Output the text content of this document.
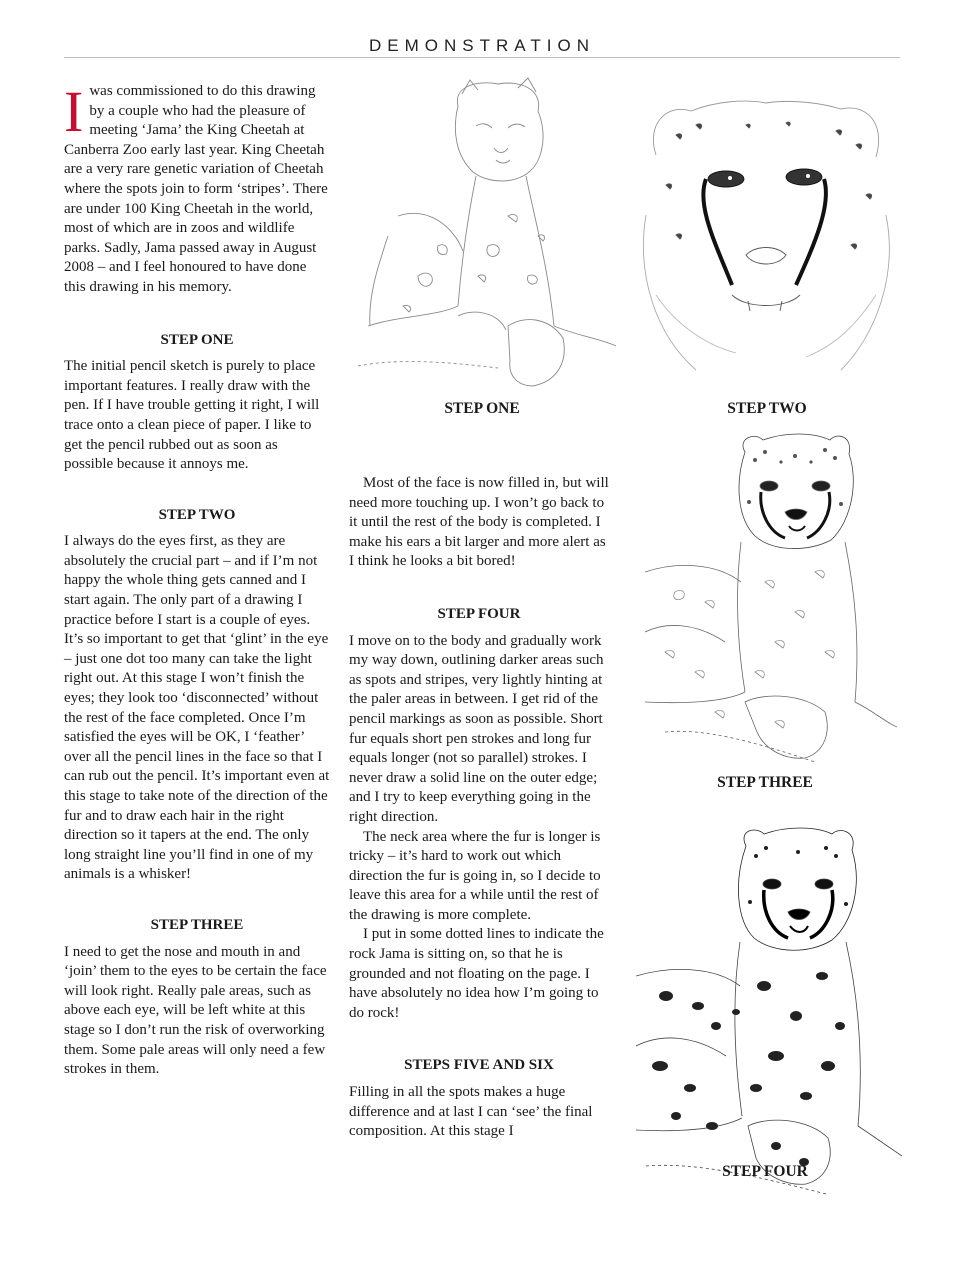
DEMONSTRATION

Iwas commissioned to do this drawing by a couple who had the pleasure of meeting ‘Jama’ the King Cheetah at Canberra Zoo early last year. King Cheetah are a very rare genetic variation of Cheetah where the spots join to form ‘stripes’. There are under 100 King Cheetah in the world, most of which are in zoos and wildlife parks. Sadly, Jama passed away in August 2008 – and I feel honoured to have done this drawing in his memory.

STEP ONE

The initial pencil sketch is purely to place important features. I really draw with the pen. If I have trouble getting it right, I will trace onto a clean piece of paper. I like to get the pencil rubbed out as soon as possible because it annoys me.

STEP TWO

I always do the eyes first, as they are absolutely the crucial part – and if I’m not happy the whole thing gets canned and I start again. The only part of a drawing I practice before I start is a couple of eyes. It’s so important to get that ‘glint’ in the eye – just one dot too many can take the light right out. At this stage I won’t finish the eyes; they look too ‘disconnected’ without the rest of the face completed. Once I’m satisfied the eyes will be OK, I ‘feather’ over all the pencil lines in the face so that I can rub out the pencil. It’s important even at this stage to take note of the direction of the fur and to draw each hair in the right direction so it tapers at the end. The only long straight line you’ll find in one of my animals is a whisker!

STEP THREE

I need to get the nose and mouth in and ‘join’ them to the eyes to be certain the face will look right. Really pale areas, such as above each eye, will be left white at this stage so I don’t run the risk of overworking them. Some pale areas will only need a few strokes in them.

Most of the face is now filled in, but will need more touching up. I won’t go back to it until the rest of the body is completed. I make his ears a bit larger and more alert as I think he looks a bit bored!

STEP FOUR

I move on to the body and gradually work my way down, outlining darker areas such as spots and stripes, very lightly hinting at the paler areas in between. I get rid of the pencil markings as soon as possible. Short fur equals short pen strokes and long fur equals longer (not so parallel) strokes. I never draw a solid line on the outer edge; and I try to keep everything going in the right direction.

The neck area where the fur is longer is tricky – it’s hard to work out which direction the fur is going in, so I decide to leave this area for a while until the rest of the drawing is more complete.

I put in some dotted lines to indicate the rock Jama is sitting on, so that he is grounded and not floating on the page. I have absolutely no idea how I’m going to do rock!

STEPS FIVE AND SIX

Filling in all the spots makes a huge difference and at last I can ‘see’ the final composition. At this stage I

STEP ONE	STEP TWO
STEP THREE
STEP FOUR
